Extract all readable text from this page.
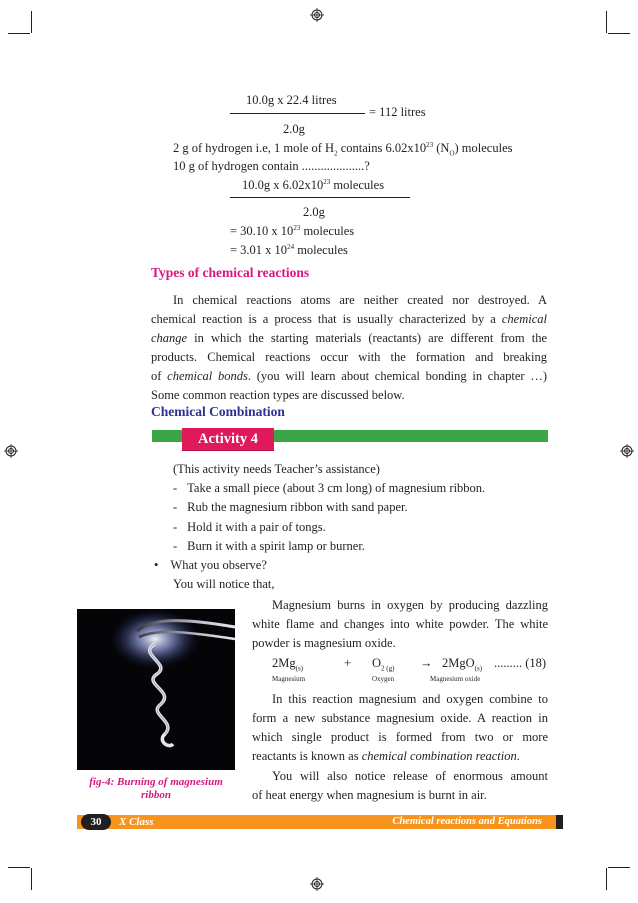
10.0g x 22.4 litres
= 112 litres
2.0g
2 g of hydrogen i.e, 1 mole of $H_2$ contains $6.02x10^{23}$ $(N_O)$ molecules
10 g of hydrogen contain ....................?
10.0g x $6.02x10^{23}$ molecules
2.0g
= 30.10 x $10^{23}$ molecules
= 3.01 x $10^{24}$ molecules
Types of chemical reactions
In chemical reactions atoms are neither created nor destroyed. A
chemical reaction is a process that is usually characterized by a chemical
change in which the starting materials (reactants) are different from the
products. Chemical reactions occur with the formation and breaking
of chemical bonds. (you will learn about chemical bonding in chapter …)
Some common reaction types are discussed below.
Chemical Combination
Activity 4
(This activity needs Teacher’s assistance)
- Take a small piece (about 3 cm long) of magnesium ribbon.
- Rub the magnesium ribbon with sand paper.
- Hold it with a pair of tongs.
- Burn it with a spirit lamp or burner.
• What you observe?
You will notice that,
fig-4: Burning of magnesium
ribbon
Magnesium burns in oxygen by producing dazzling
white flame and changes into white powder. The white
powder is magnesium oxide.
$2Mg_{(s)}$	+ $O_{2 (g)} \to 2MgO_{(s)}$ ......... (18)
Magnesium	Oxygen	Magnesium oxide
In this reaction magnesium and oxygen combine to
form a new substance magnesium oxide. A reaction in
which single product is formed from two or more
reactants is known as chemical combination reaction.
You will also notice release of enormous amount
of heat energy when magnesium is burnt in air.
30	X Class	Chemical reactions and Equations
